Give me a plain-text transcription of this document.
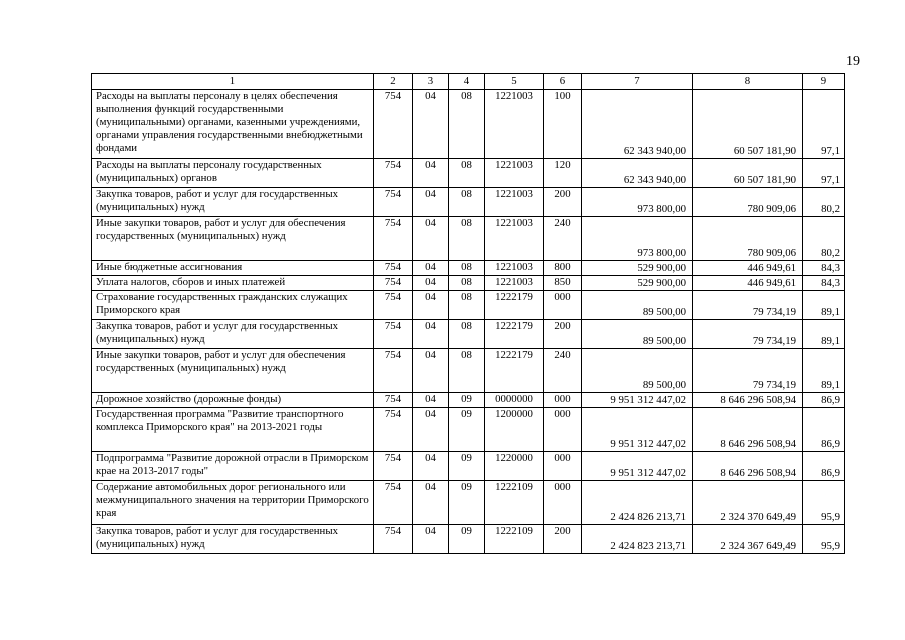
19
1	2	3	4	5	6	7	8	9
Расходы на выплаты персоналу в целях обеспечения выполнения функций государственными (муниципальными) органами, казенными учреждениями, органами управления государственными внебюджетными фондами	754	04	08	1221003	100	62 343 940,00	60 507 181,90	97,1
Расходы на выплаты персоналу государственных (муниципальных) органов	754	04	08	1221003	120	62 343 940,00	60 507 181,90	97,1
Закупка товаров, работ и услуг для государственных (муниципальных) нужд	754	04	08	1221003	200	973 800,00	780 909,06	80,2
Иные закупки товаров, работ и услуг для обеспечения государственных (муниципальных) нужд	754	04	08	1221003	240	973 800,00	780 909,06	80,2
Иные бюджетные ассигнования	754	04	08	1221003	800	529 900,00	446 949,61	84,3
Уплата налогов, сборов и иных платежей	754	04	08	1221003	850	529 900,00	446 949,61	84,3
Страхование государственных гражданских служащих Приморского края	754	04	08	1222179	000	89 500,00	79 734,19	89,1
Закупка товаров, работ и услуг для государственных (муниципальных) нужд	754	04	08	1222179	200	89 500,00	79 734,19	89,1
Иные закупки товаров, работ и услуг для обеспечения государственных (муниципальных) нужд	754	04	08	1222179	240	89 500,00	79 734,19	89,1
Дорожное хозяйство (дорожные фонды)	754	04	09	0000000	000	9 951 312 447,02	8 646 296 508,94	86,9
Государственная программа "Развитие транспортного комплекса Приморского края" на 2013-2021 годы	754	04	09	1200000	000	9 951 312 447,02	8 646 296 508,94	86,9
Подпрограмма "Развитие дорожной отрасли в Приморском крае на 2013-2017 годы"	754	04	09	1220000	000	9 951 312 447,02	8 646 296 508,94	86,9
Содержание автомобильных дорог регионального или межмуниципального значения на территории Приморского края	754	04	09	1222109	000	2 424 826 213,71	2 324 370 649,49	95,9
Закупка товаров, работ и услуг для государственных (муниципальных) нужд	754	04	09	1222109	200	2 424 823 213,71	2 324 367 649,49	95,9
